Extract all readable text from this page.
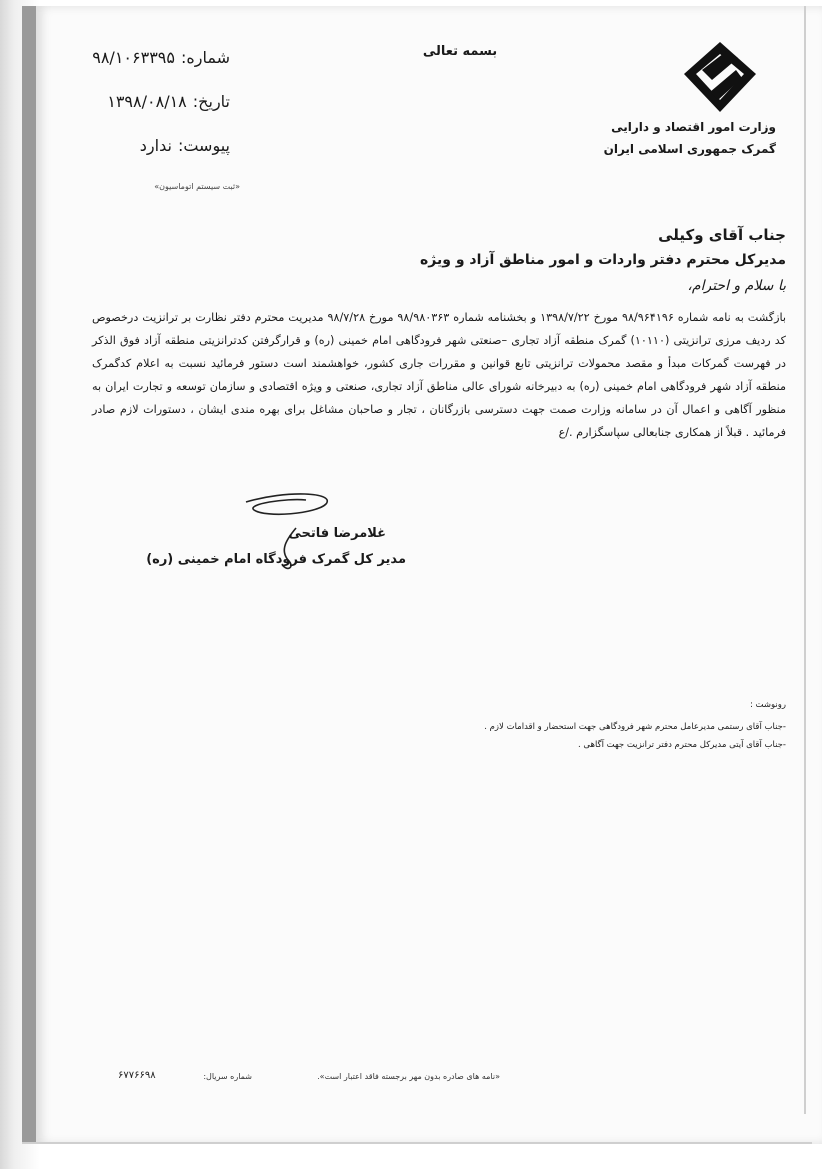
بسمه تعالی
وزارت امور اقتصاد و دارایی
گمرک جمهوری اسلامی ایران
شماره:۹۸/۱۰۶۳۳۹۵
تاریخ:۱۳۹۸/۰۸/۱۸
پیوست:ندارد
«ثبت سیستم اتوماسیون»
جناب آقای وکیلی
مدیرکل محترم دفتر واردات و امور مناطق آزاد و ویژه
با سلام و احترام،
بازگشت به نامه شماره ۹۸/۹۶۴۱۹۶ مورخ ۱۳۹۸/۷/۲۲ و بخشنامه شماره ۹۸/۹۸۰۳۶۳ مورخ ۹۸/۷/۲۸ مدیریت محترم دفتر نظارت بر ترانزیت درخصوص کد ردیف مرزی ترانزیتی (۱۰۱۱۰) گمرک منطقه آزاد تجاری –صنعتی شهر فرودگاهی امام خمینی (ره) و قرارگرفتن کدترانزیتی منطقه آزاد فوق الذکر در فهرست گمرکات مبدأ و مقصد محمولات ترانزیتی تابع قوانین و مقررات جاری کشور، خواهشمند است دستور فرمائید نسبت به اعلام کدگمرک منطقه آزاد شهر فرودگاهی امام خمینی (ره) به دبیرخانه شورای عالی مناطق آزاد تجاری، صنعتی و ویژه اقتصادی و سازمان توسعه و تجارت ایران به منظور آگاهی و اعمال آن در سامانه وزارت صمت جهت دسترسی بازرگانان ، تجار و صاحبان مشاغل برای بهره مندی ایشان ، دستورات لازم صادر فرمائید . قبلاً از همکاری جنابعالی سپاسگزارم ./ع
غلامرضا فاتحی
مدیر کل گمرک فرودگاه امام خمینی (ره)
رونوشت :
-جناب آقای رستمی مدیرعامل محترم شهر فرودگاهی جهت استحضار و اقدامات لازم .
-جناب آقای آیتی مدیرکل محترم دفتر ترانزیت جهت آگاهی .
«نامه های صادره بدون مهر برجسته فاقد اعتبار است».
شماره سریال:
۶۷۷۶۶۹۸
